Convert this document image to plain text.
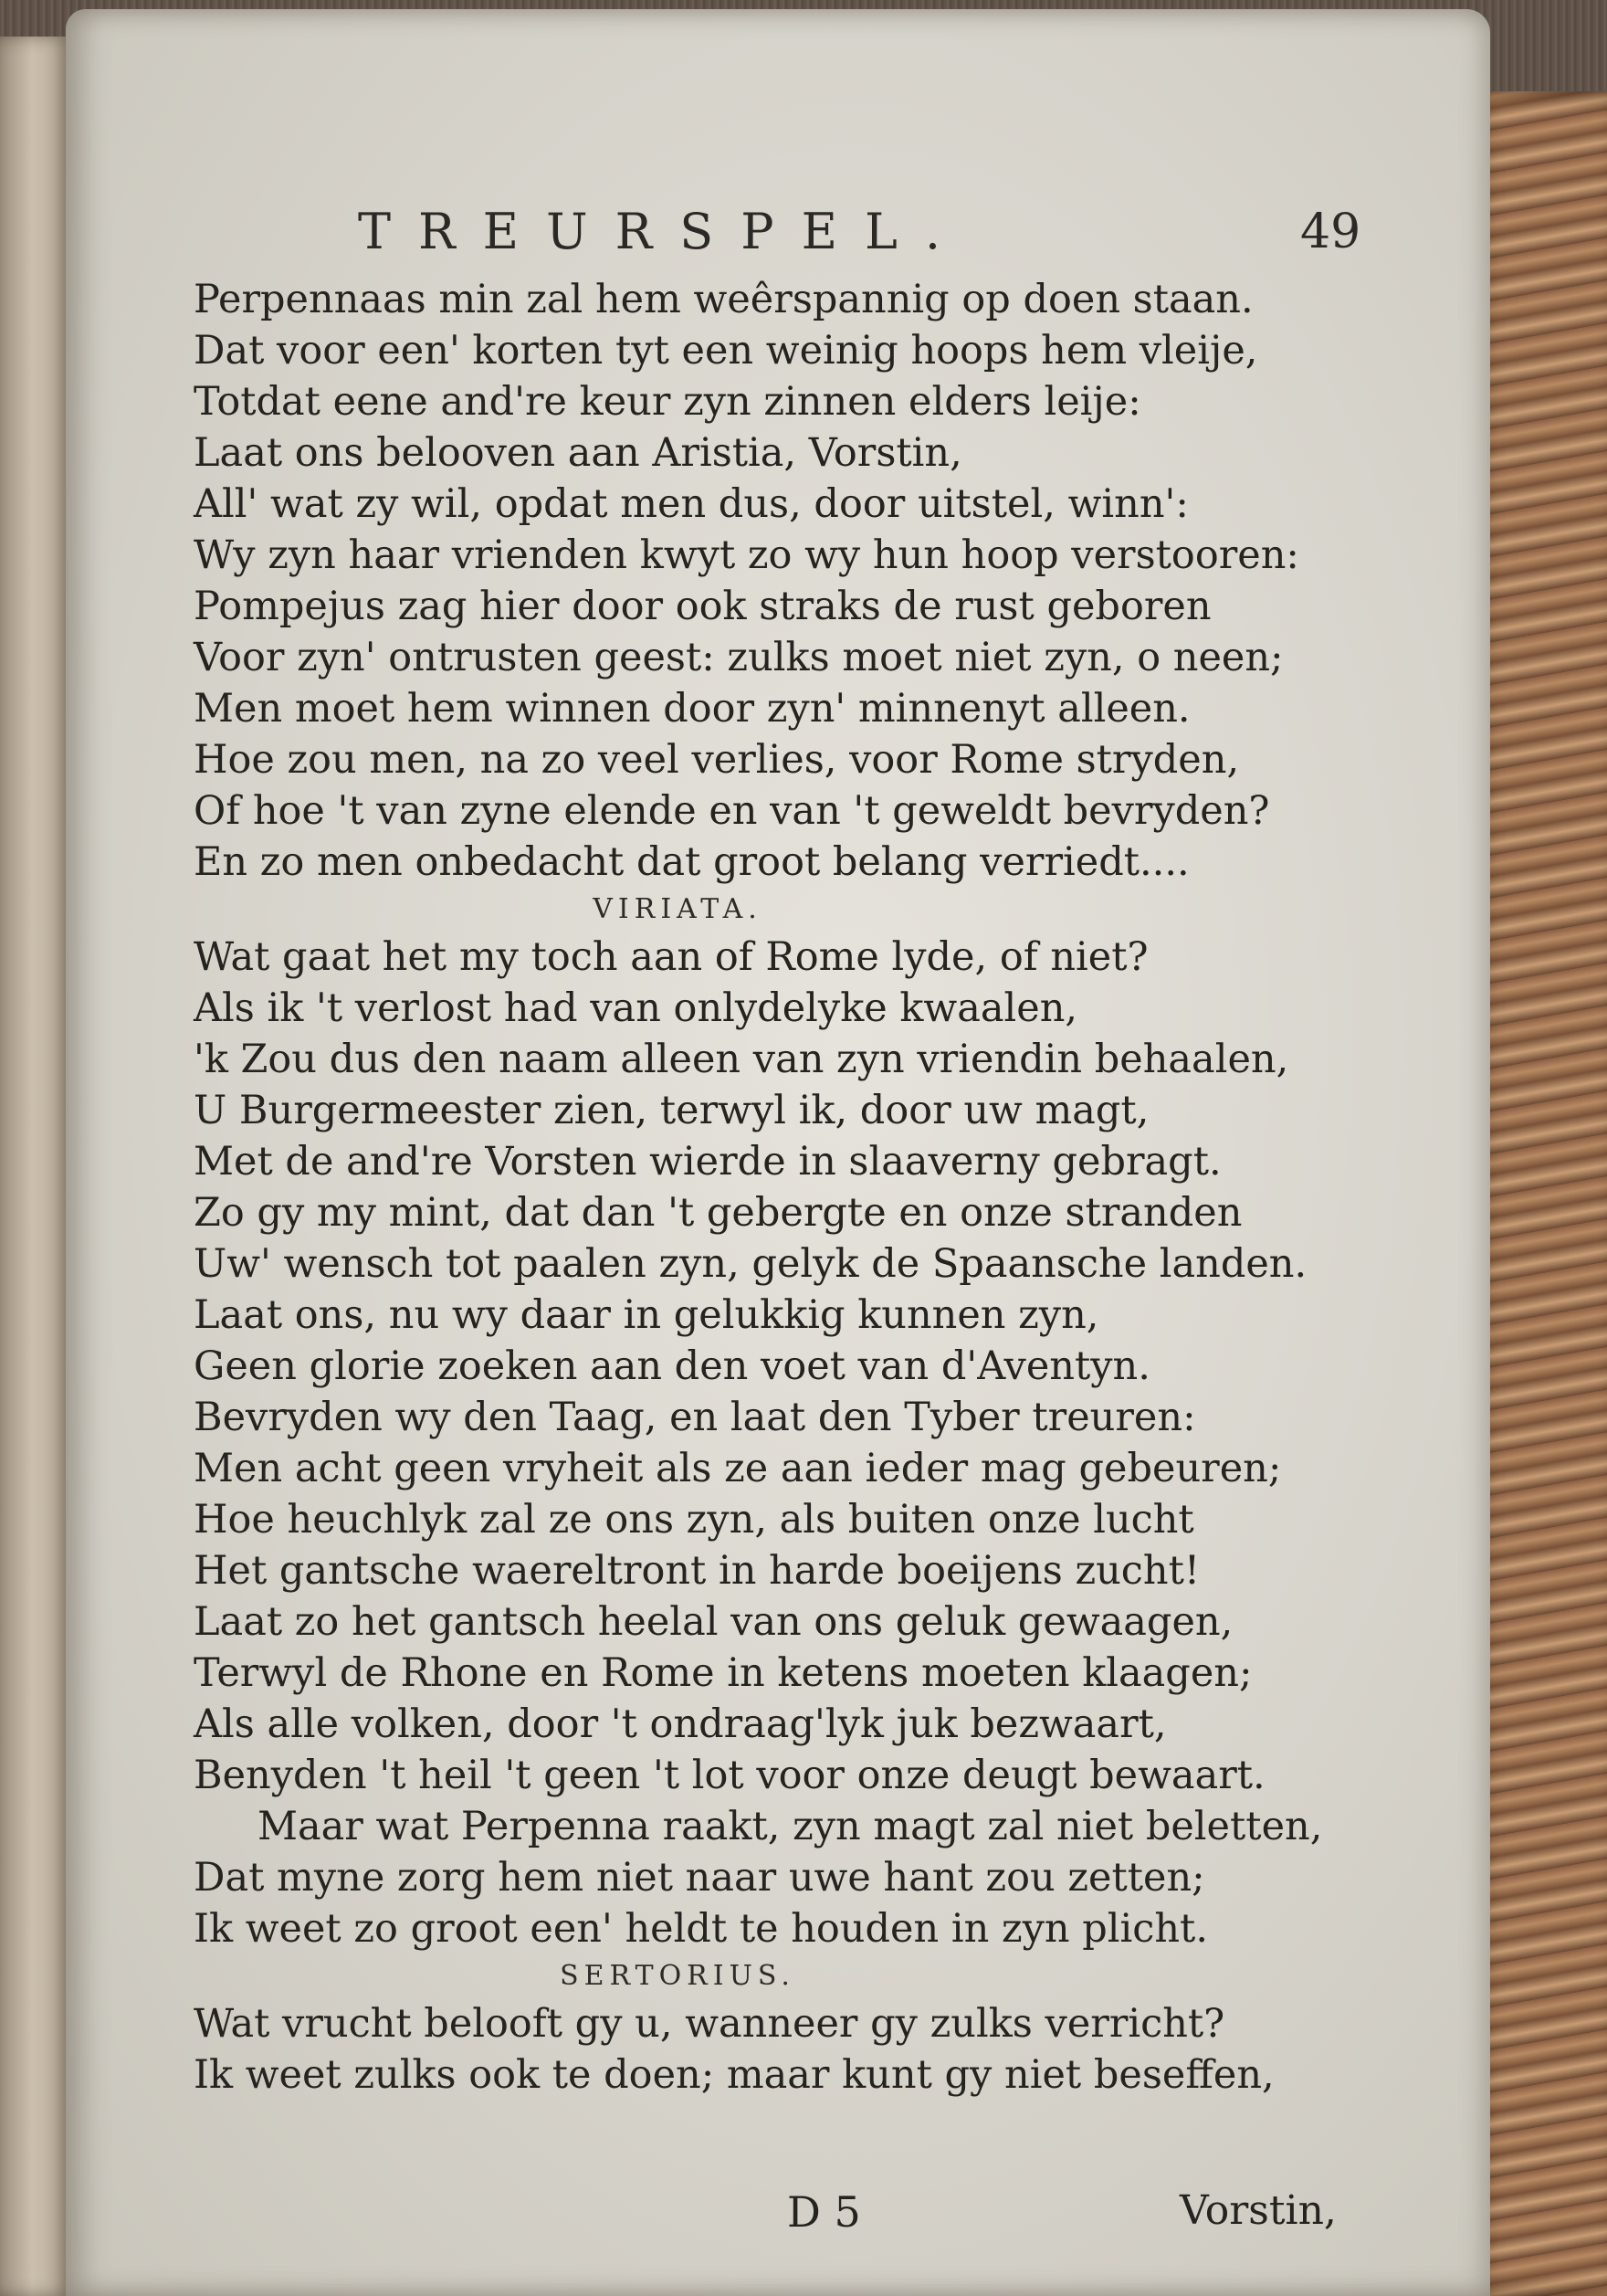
TREURSPEL.	49
Perpennaas min zal hem weêrspannig op doen staan.
Dat voor een' korten tyt een weinig hoops hem vleije,
Totdat eene and're keur zyn zinnen elders leije:
Laat ons belooven aan Aristia, Vorstin,
All' wat zy wil, opdat men dus, door uitstel, winn':
Wy zyn haar vrienden kwyt zo wy hun hoop verstooren:
Pompejus zag hier door ook straks de rust geboren
Voor zyn' ontrusten geest: zulks moet niet zyn, o neen;
Men moet hem winnen door zyn' minnenyt alleen.
Hoe zou men, na zo veel verlies, voor Rome stryden,
Of hoe 't van zyne elende en van 't geweldt bevryden?
En zo men onbedacht dat groot belang verriedt....
VIRIATA.
Wat gaat het my toch aan of Rome lyde, of niet?
Als ik 't verlost had van onlydelyke kwaalen,
'k Zou dus den naam alleen van zyn vriendin behaalen,
U Burgermeester zien, terwyl ik, door uw magt,
Met de and're Vorsten wierde in slaaverny gebragt.
Zo gy my mint, dat dan 't gebergte en onze stranden
Uw' wensch tot paalen zyn, gelyk de Spaansche landen.
Laat ons, nu wy daar in gelukkig kunnen zyn,
Geen glorie zoeken aan den voet van d'Aventyn.
Bevryden wy den Taag, en laat den Tyber treuren:
Men acht geen vryheit als ze aan ieder mag gebeuren;
Hoe heuchlyk zal ze ons zyn, als buiten onze lucht
Het gantsche waereltront in harde boeijens zucht!
Laat zo het gantsch heelal van ons geluk gewaagen,
Terwyl de Rhone en Rome in ketens moeten klaagen;
Als alle volken, door 't ondraag'lyk juk bezwaart,
Benyden 't heil 't geen 't lot voor onze deugt bewaart.
Maar wat Perpenna raakt, zyn magt zal niet beletten,
Dat myne zorg hem niet naar uwe hant zou zetten;
Ik weet zo groot een' heldt te houden in zyn plicht.
SERTORIUS.
Wat vrucht belooft gy u, wanneer gy zulks verricht?
Ik weet zulks ook te doen; maar kunt gy niet beseffen,
D 5	Vorstin,
